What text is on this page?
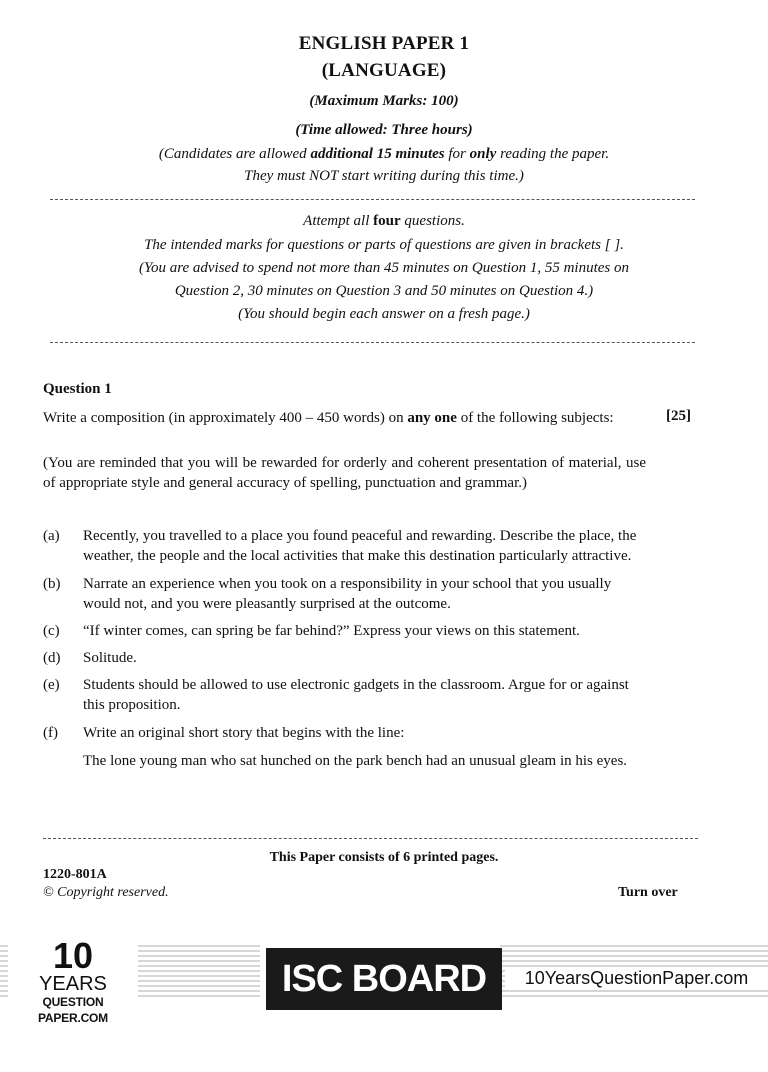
ENGLISH PAPER 1
(LANGUAGE)
(Maximum Marks: 100)
(Time allowed: Three hours)
(Candidates are allowed additional 15 minutes for only reading the paper.
They must NOT start writing during this time.)
Attempt all four questions.
The intended marks for questions or parts of questions are given in brackets [ ].
(You are advised to spend not more than 45 minutes on Question 1, 55 minutes on
Question 2, 30 minutes on Question 3 and 50 minutes on Question 4.)
(You should begin each answer on a fresh page.)
Question 1
Write a composition (in approximately 400 – 450 words) on any one of the following subjects:	[25]
(You are reminded that you will be rewarded for orderly and coherent presentation of material, use of appropriate style and general accuracy of spelling, punctuation and grammar.)
(a)	Recently, you travelled to a place you found peaceful and rewarding. Describe the place, the weather, the people and the local activities that make this destination particularly attractive.
(b)	Narrate an experience when you took on a responsibility in your school that you usually would not, and you were pleasantly surprised at the outcome.
(c)	“If winter comes, can spring be far behind?” Express your views on this statement.
(d)	Solitude.
(e)	Students should be allowed to use electronic gadgets in the classroom. Argue for or against this proposition.
(f)	Write an original short story that begins with the line:
The lone young man who sat hunched on the park bench had an unusual gleam in his eyes.
This Paper consists of 6 printed pages.
1220-801A
© Copyright reserved.	Turn over
10
YEARS
QUESTION PAPER.COM
ISC BOARD XII
10YearsQuestionPaper.com
